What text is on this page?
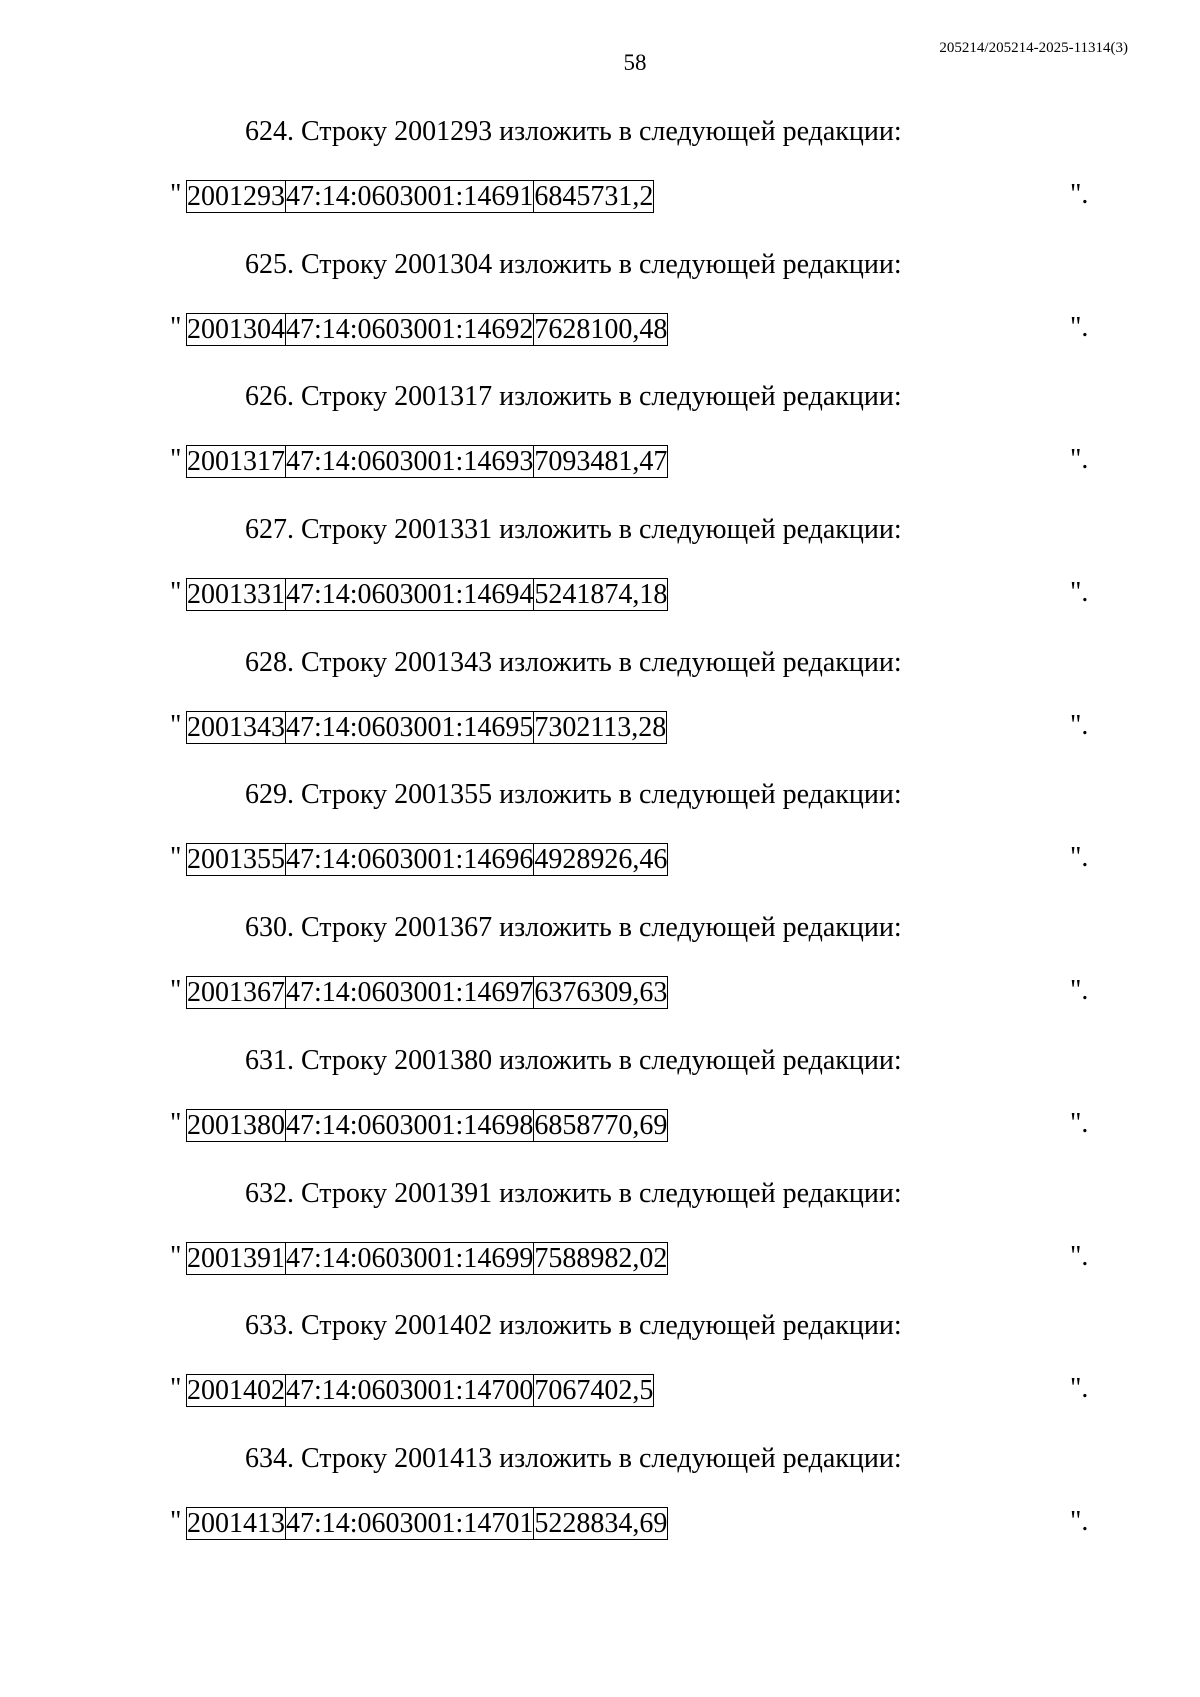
58
205214/205214-2025-11314(3)
624. Строку 2001293 изложить в следующей редакции:
" 2001293	47:14:0603001:14691	6845731,2	".
625. Строку 2001304 изложить в следующей редакции:
" 2001304	47:14:0603001:14692	7628100,48	".
626. Строку 2001317 изложить в следующей редакции:
" 2001317	47:14:0603001:14693	7093481,47	".
627. Строку 2001331 изложить в следующей редакции:
" 2001331	47:14:0603001:14694	5241874,18	".
628. Строку 2001343 изложить в следующей редакции:
" 2001343	47:14:0603001:14695	7302113,28	".
629. Строку 2001355 изложить в следующей редакции:
" 2001355	47:14:0603001:14696	4928926,46	".
630. Строку 2001367 изложить в следующей редакции:
" 2001367	47:14:0603001:14697	6376309,63	".
631. Строку 2001380 изложить в следующей редакции:
" 2001380	47:14:0603001:14698	6858770,69	".
632. Строку 2001391 изложить в следующей редакции:
" 2001391	47:14:0603001:14699	7588982,02	".
633. Строку 2001402 изложить в следующей редакции:
" 2001402	47:14:0603001:14700	7067402,5	".
634. Строку 2001413 изложить в следующей редакции:
" 2001413	47:14:0603001:14701	5228834,69	".
